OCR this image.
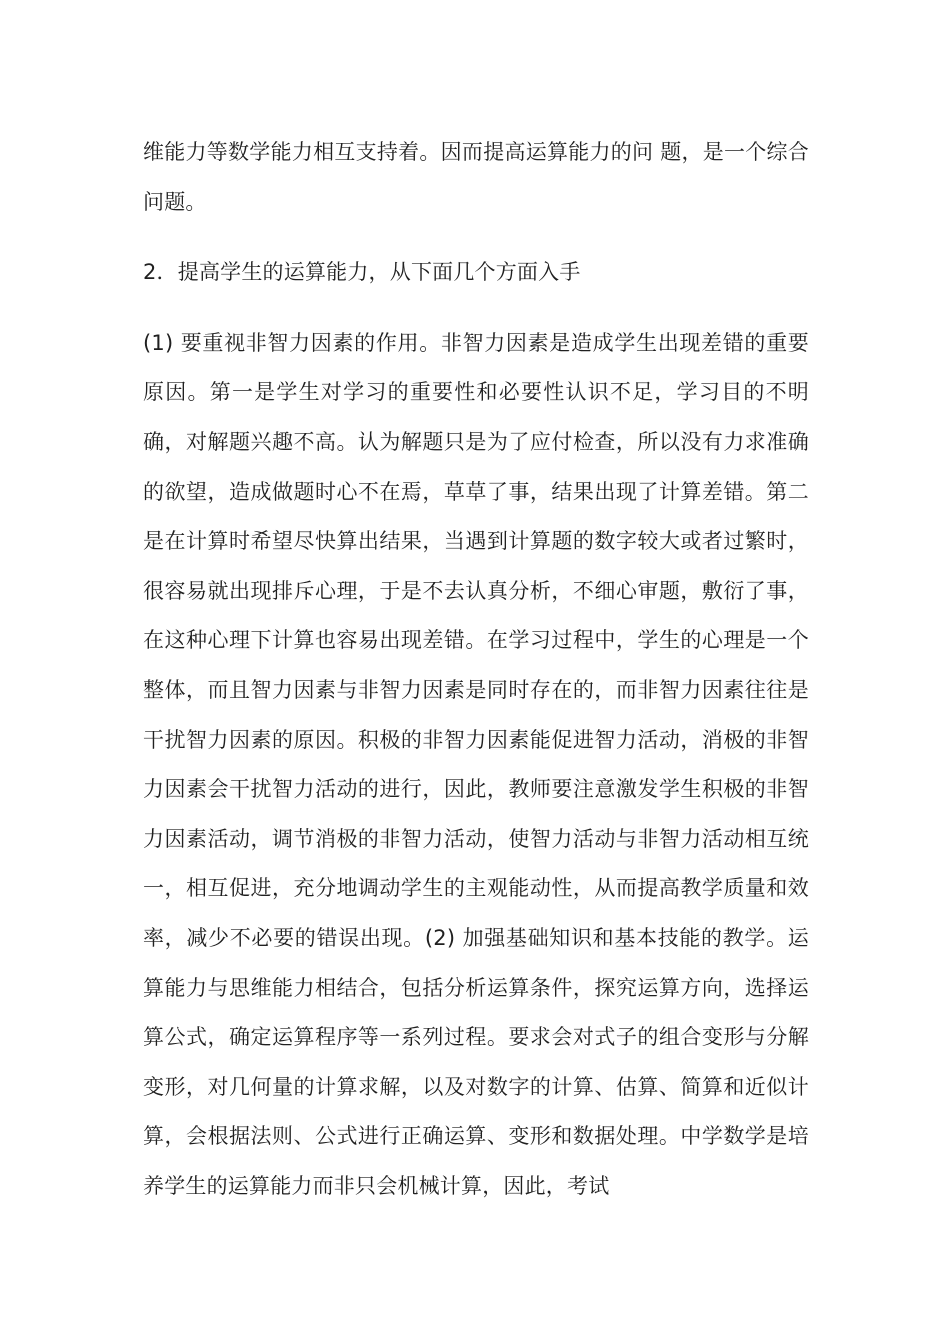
维能力等数学能力相互支持着。因而提高运算能力的问 题，是一个综合问题。

2．提高学生的运算能力，从下面几个方面入手

(1) 要重视非智力因素的作用。非智力因素是造成学生出现差错的重要原因。第一是学生对学习的重要性和必要性认识不足，学习目的不明确，对解题兴趣不高。认为解题只是为了应付检查，所以没有力求准确的欲望，造成做题时心不在焉，草草了事，结果出现了计算差错。第二是在计算时希望尽快算出结果，当遇到计算题的数字较大或者过繁时，很容易就出现排斥心理，于是不去认真分析，不细心审题，敷衍了事，在这种心理下计算也容易出现差错。在学习过程中，学生的心理是一个整体，而且智力因素与非智力因素是同时存在的，而非智力因素往往是干扰智力因素的原因。积极的非智力因素能促进智力活动，消极的非智力因素会干扰智力活动的进行，因此，教师要注意激发学生积极的非智力因素活动，调节消极的非智力活动，使智力活动与非智力活动相互统一，相互促进，充分地调动学生的主观能动性，从而提高教学质量和效率，减少不必要的错误出现。(2) 加强基础知识和基本技能的教学。运算能力与思维能力相结合，包括分析运算条件，探究运算方向，选择运算公式，确定运算程序等一系列过程。要求会对式子的组合变形与分解变形，对几何量的计算求解，以及对数字的计算、估算、简算和近似计算，会根据法则、公式进行正确运算、变形和数据处理。中学数学是培养学生的运算能力而非只会机械计算，因此，考试
